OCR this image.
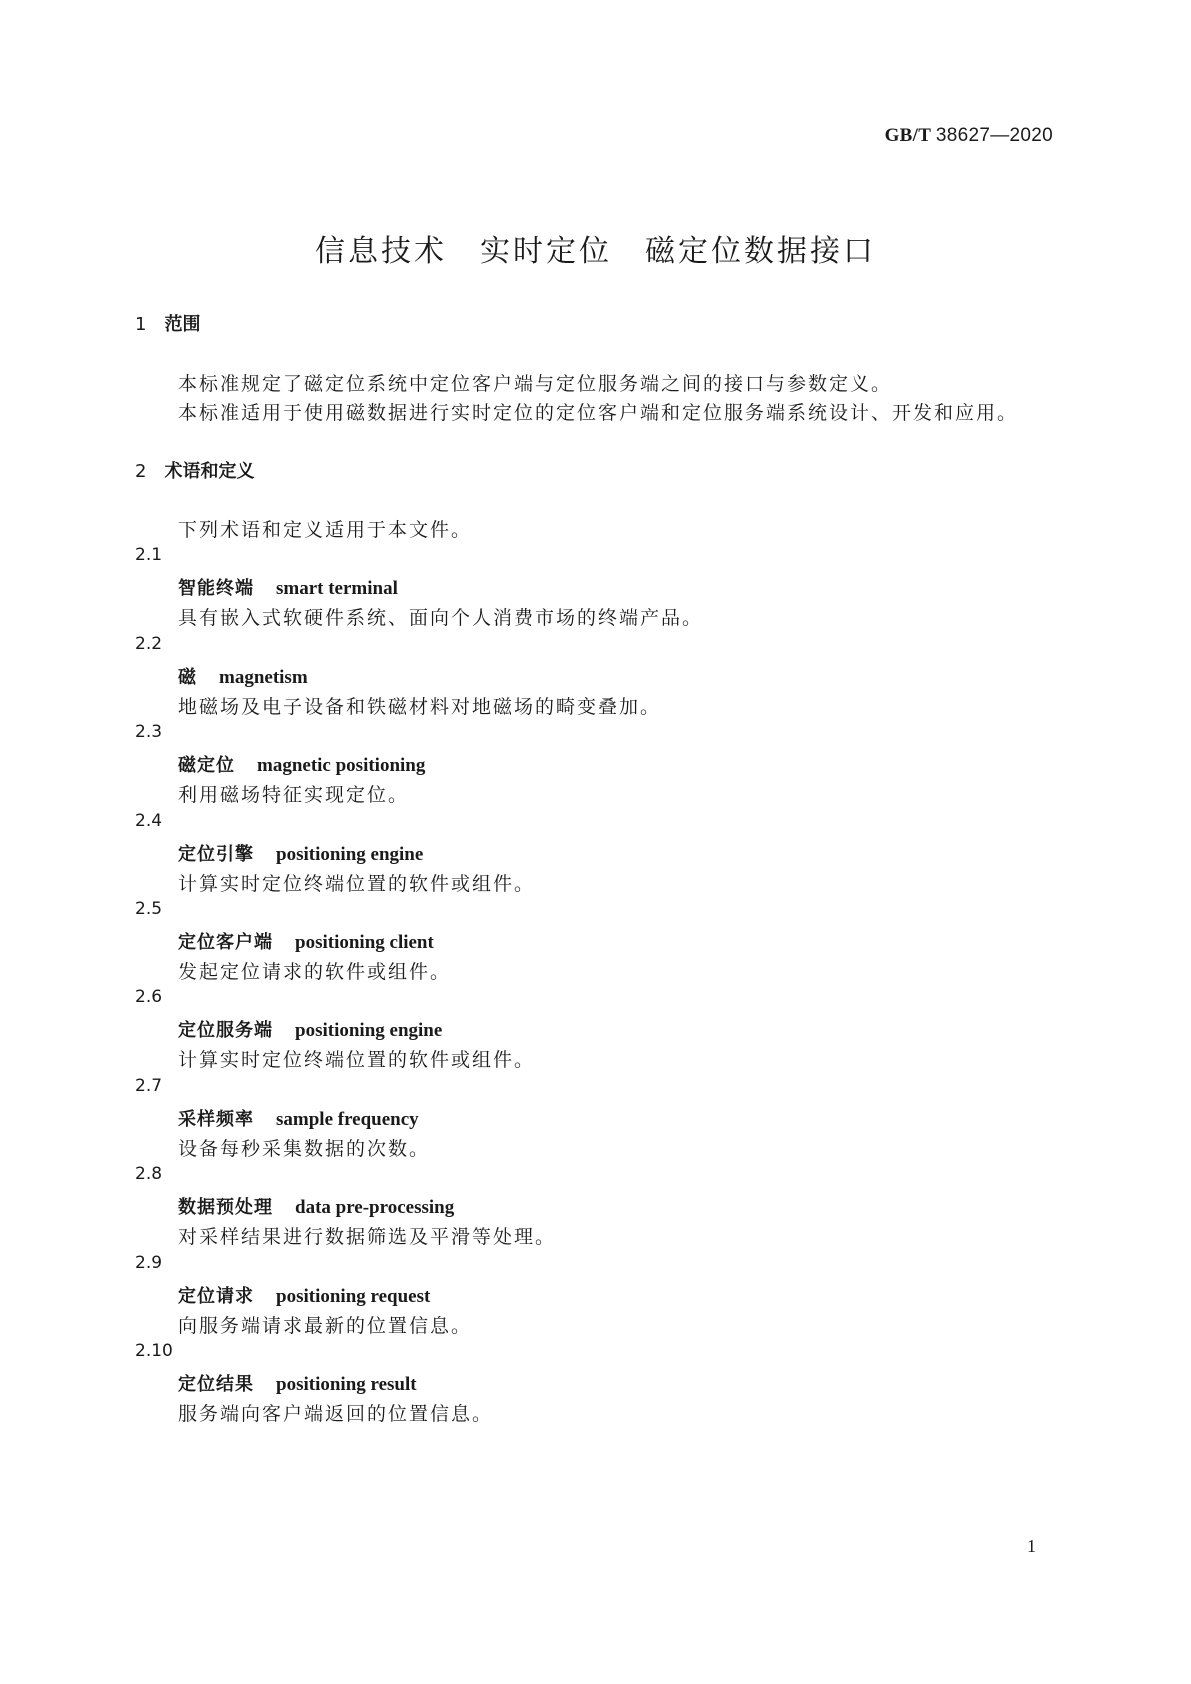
GB/T 38627—2020
信息技术　实时定位　磁定位数据接口
1 范围
本标准规定了磁定位系统中定位客户端与定位服务端之间的接口与参数定义。
本标准适用于使用磁数据进行实时定位的定位客户端和定位服务端系统设计、开发和应用。
2 术语和定义
下列术语和定义适用于本文件。
2.1
智能终端 smart terminal
具有嵌入式软硬件系统、面向个人消费市场的终端产品。
2.2
磁 magnetism
地磁场及电子设备和铁磁材料对地磁场的畸变叠加。
2.3
磁定位 magnetic positioning
利用磁场特征实现定位。
2.4
定位引擎 positioning engine
计算实时定位终端位置的软件或组件。
2.5
定位客户端 positioning client
发起定位请求的软件或组件。
2.6
定位服务端 positioning engine
计算实时定位终端位置的软件或组件。
2.7
采样频率 sample frequency
设备每秒采集数据的次数。
2.8
数据预处理 data pre-processing
对采样结果进行数据筛选及平滑等处理。
2.9
定位请求 positioning request
向服务端请求最新的位置信息。
2.10
定位结果 positioning result
服务端向客户端返回的位置信息。
1
